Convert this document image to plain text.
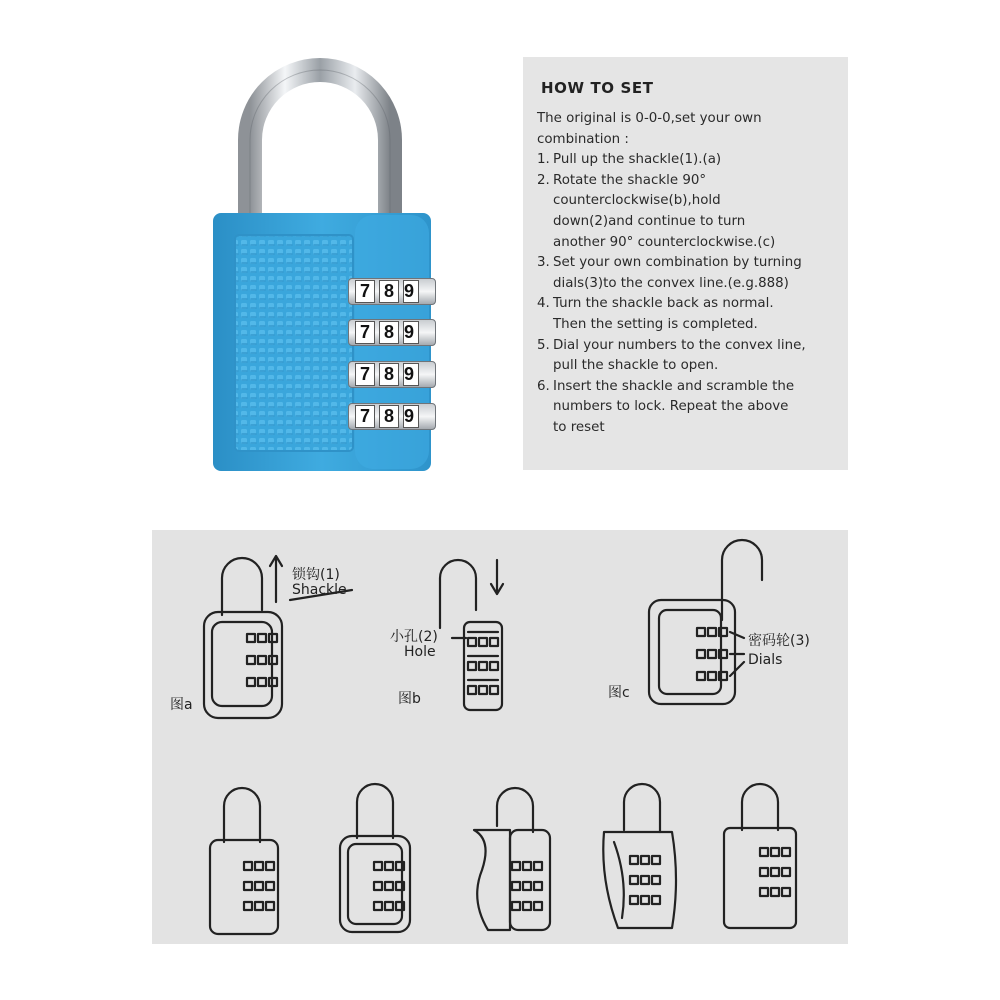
7 8 9
7 8 9
7 8 9
7 8 9
HOW TO SET
The original is 0-0-0,set your own
combination :
1. Pull up the shackle(1).(a)
2. Rotate the shackle 90°
counterclockwise(b),hold
down(2)and continue to turn
another 90° counterclockwise.(c)
3. Set your own combination by turning
dials(3)to the convex line.(e.g.888)
4. Turn the shackle back as normal.
Then the setting is completed.
5. Dial your numbers to the convex line,
pull the shackle to open.
6. Insert the shackle and scramble the
numbers to lock. Repeat the above
to reset
锁钩(1)
Shackle
图a
小孔(2)
Hole
图b
密码轮(3)
Dials
图c
